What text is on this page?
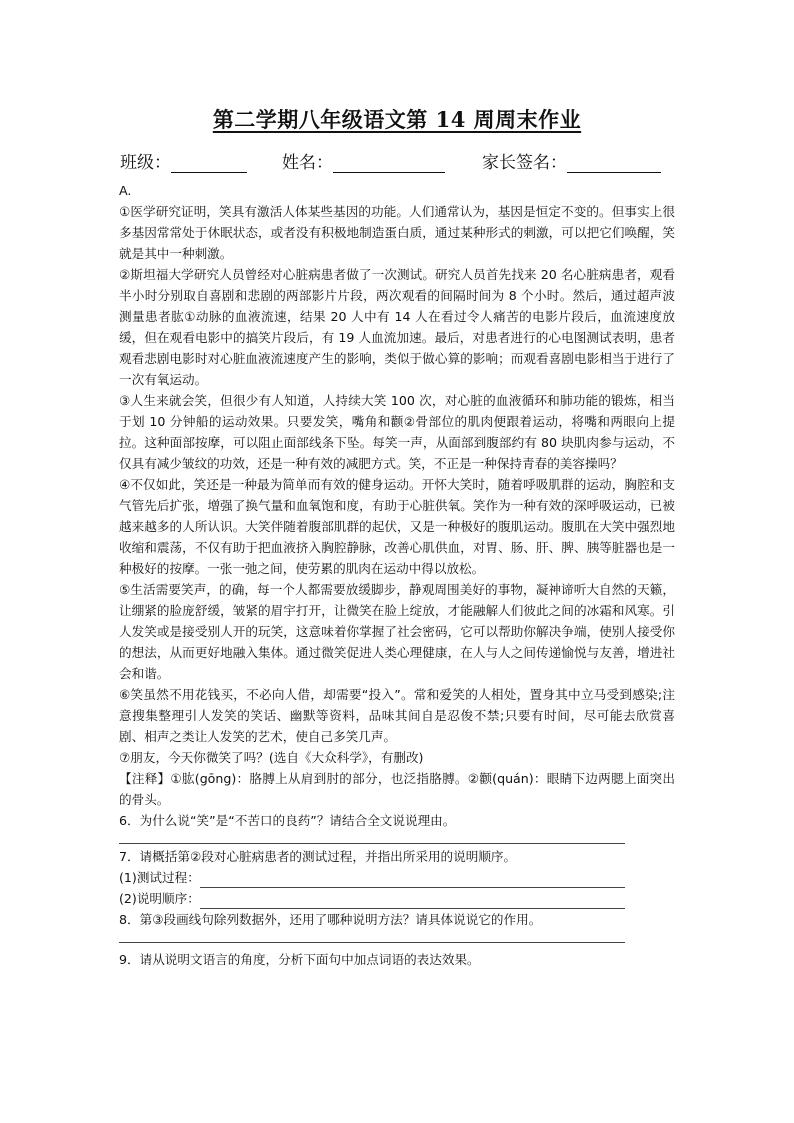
第二学期八年级语文第 14 周周末作业
班级：	姓名：	家长签名：

A.

①医学研究证明，笑具有激活人体某些基因的功能。人们通常认为，基因是恒定不变的。但事实上很多基因常常处于休眠状态，或者没有积极地制造蛋白质，通过某种形式的刺激，可以把它们唤醒，笑就是其中一种刺激。

②斯坦福大学研究人员曾经对心脏病患者做了一次测试。研究人员首先找来 20 名心脏病患者，观看半小时分别取自喜剧和悲剧的两部影片片段，两次观看的间隔时间为 8 个小时。然后，通过超声波测量患者肱①动脉的血液流速，结果 20 人中有 14 人在看过令人痛苦的电影片段后，血流速度放缓，但在观看电影中的搞笑片段后，有 19 人血流加速。最后，对患者进行的心电图测试表明，患者观看悲剧电影时对心脏血液流速度产生的影响，类似于做心算的影响；而观看喜剧电影相当于进行了一次有氧运动。

③人生来就会笑，但很少有人知道，人持续大笑 100 次，对心脏的血液循环和肺功能的锻炼，相当于划 10 分钟船的运动效果。只要发笑，嘴角和颧②骨部位的肌肉便跟着运动，将嘴和两眼向上提拉。这种面部按摩，可以阻止面部线条下坠。每笑一声，从面部到腹部约有 80 块肌肉参与运动，不仅具有减少皱纹的功效，还是一种有效的减肥方式。笑，不正是一种保持青春的美容操吗？

④不仅如此，笑还是一种最为简单而有效的健身运动。开怀大笑时，随着呼吸肌群的运动，胸腔和支气管先后扩张，增强了换气量和血氧饱和度，有助于心脏供氧。笑作为一种有效的深呼吸运动，已被越来越多的人所认识。大笑伴随着腹部肌群的起伏，又是一种极好的腹肌运动。腹肌在大笑中强烈地收缩和震荡，不仅有助于把血液挤入胸腔静脉，改善心肌供血，对胃、肠、肝、脾、胰等脏器也是一种极好的按摩。一张一弛之间，使劳累的肌肉在运动中得以放松。

⑤生活需要笑声，的确，每一个人都需要放缓脚步，静观周围美好的事物，凝神谛听大自然的天籁，让绷紧的脸庞舒缓，皱紧的眉宇打开，让微笑在脸上绽放，才能融解人们彼此之间的冰霜和风寒。引人发笑或是接受别人开的玩笑，这意味着你掌握了社会密码，它可以帮助你解决争端，使别人接受你的想法，从而更好地融入集体。通过微笑促进人类心理健康，在人与人之间传递愉悦与友善，增进社会和谐。

⑥笑虽然不用花钱买，不必向人借，却需要“投入”。常和爱笑的人相处，置身其中立马受到感染;注意搜集整理引人发笑的笑话、幽默等资料，品味其间自是忍俊不禁;只要有时间，尽可能去欣赏喜剧、相声之类让人发笑的艺术，使自己多笑几声。

⑦朋友，今天你微笑了吗？(选自《大众科学》，有删改)

【注释】①肱(gōng)：胳膊上从肩到肘的部分，也泛指胳膊。②颧(quán)：眼睛下边两腮上面突出的骨头。

6．为什么说“笑”是“不苦口的良药”？请结合全文说说理由。

7．请概括第②段对心脏病患者的测试过程，并指出所采用的说明顺序。

(1)测试过程：
(2)说明顺序：

8．第③段画线句除列数据外，还用了哪种说明方法？请具体说说它的作用。

9．请从说明文语言的角度，分析下面句中加点词语的表达效果。
